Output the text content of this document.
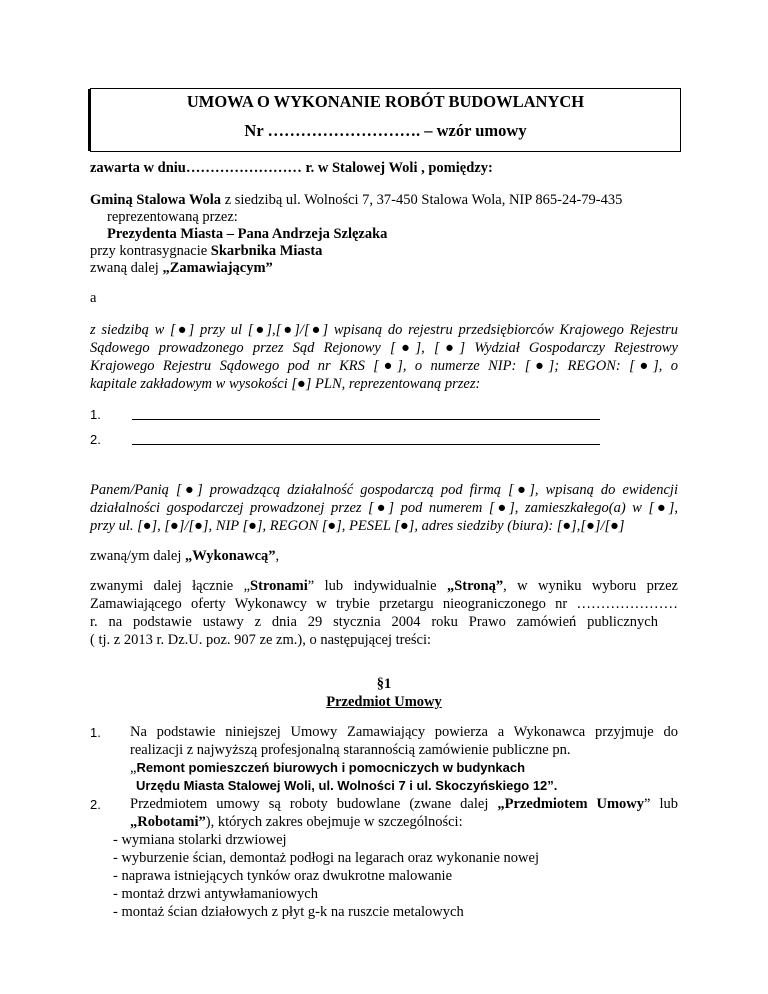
UMOWA O WYKONANIE ROBÓT BUDOWLANYCH
Nr ………………………. – wzór umowy
zawarta w dniu…………………… r. w Stalowej Woli , pomiędzy:
Gminą Stalowa Wola z siedzibą ul. Wolności 7, 37-450 Stalowa Wola, NIP 865-24-79-435
reprezentowaną przez:
Prezydenta Miasta – Pana Andrzeja Szlęzaka
przy kontrasygnacie Skarbnika Miasta
zwaną dalej „Zamawiającym”
a
z siedzibą w [●] przy ul [●],[●]/[●] wpisaną do rejestru przedsiębiorców Krajowego Rejestru
Sądowego prowadzonego przez Sąd Rejonowy [●], [●] Wydział Gospodarczy Rejestrowy
Krajowego Rejestru Sądowego pod nr KRS [●], o numerze NIP: [●]; REGON: [●], o
kapitale zakładowym w wysokości [●] PLN, reprezentowaną przez:
1.
2.
Panem/Panią [●] prowadzącą działalność gospodarczą pod firmą [●], wpisaną do ewidencji
działalności gospodarczej prowadzonej przez [●] pod numerem [●], zamieszkałego(a) w [●],
przy ul. [●], [●]/[●], NIP [●], REGON [●], PESEL [●], adres siedziby (biura): [●],[●]/[●]
zwaną/ym dalej „Wykonawcą”,
zwanymi dalej łącznie „Stronami” lub indywidualnie „Stroną”, w wyniku wyboru przez
Zamawiającego oferty Wykonawcy w trybie przetargu nieograniczonego nr …………………
r. na podstawie ustawy z dnia 29 stycznia 2004 roku Prawo zamówień publicznych
( tj. z 2013 r. Dz.U. poz. 907 ze zm.), o następującej treści:
§1
Przedmiot Umowy
1. Na podstawie niniejszej Umowy Zamawiający powierza a Wykonawca przyjmuje do
realizacji z najwyższą profesjonalną starannością zamówienie publiczne pn.
„Remont pomieszczeń biurowych i pomocniczych w budynkach
Urzędu Miasta Stalowej Woli, ul. Wolności 7 i ul. Skoczyńskiego 12”.
2. Przedmiotem umowy są roboty budowlane (zwane dalej „Przedmiotem Umowy” lub
„Robotami”), których zakres obejmuje w szczególności:
- wymiana stolarki drzwiowej
- wyburzenie ścian, demontaż podłogi na legarach oraz wykonanie nowej
- naprawa istniejących tynków oraz dwukrotne malowanie
- montaż drzwi antywłamaniowych
- montaż ścian działowych z płyt g-k na ruszcie metalowych
